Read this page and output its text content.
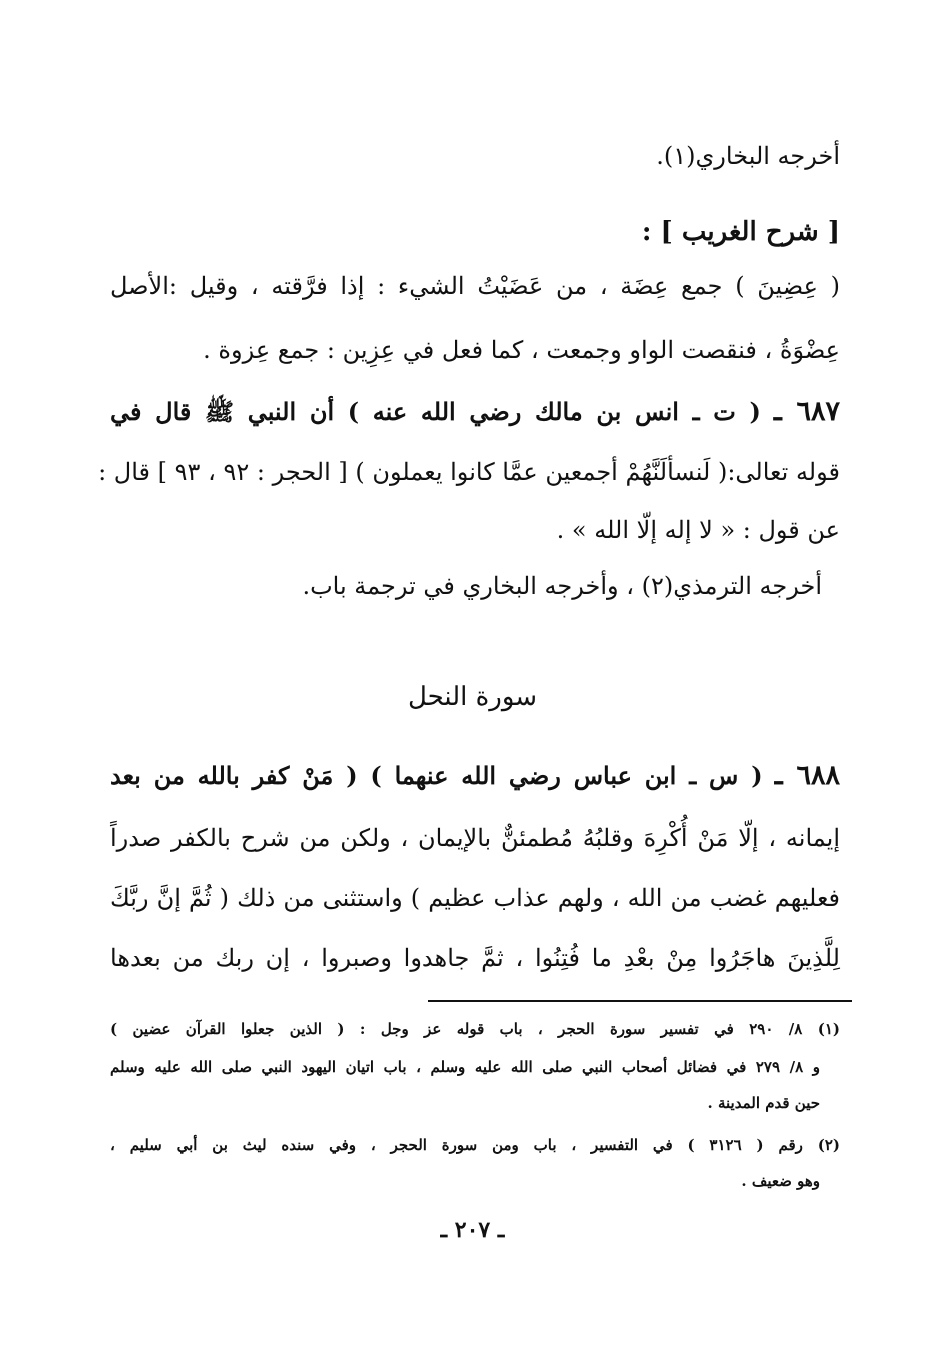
أخرجه البخاري(١).
[ شرح الغريب ] :
( عِضِينَ ) جمع عِضَة ، من عَضَيْتُ الشيء : إذا فرَّقته ، وقيل :الأصل
عِضْوَةُ ، فنقصت الواو وجمعت ، كما فعل في عِزِين : جمع عِزوة .
٦٨٧ ـ ( ت ـ انس بن مالك رضي الله عنه ) أن النبي ﷺ قال في
قوله تعالى:( لَنسألَنَّهُمْ أجمعين عمَّا كانوا يعملون ) [ الحجر : ٩٢ ، ٩٣ ] قال :
عن قول : « لا إله إلّا الله » .
أخرجه الترمذي(٢) ، وأخرجه البخاري في ترجمة باب.
سورة النحل
٦٨٨ ـ ( س ـ ابن عباس رضي الله عنهما ) ( مَنْ كفر بالله من بعد
إيمانه ، إلّا مَنْ أُكْرِهَ وقلبُهُ مُطمئنٌّ بالإيمان ، ولكن من شرح بالكفر صدراً
فعليهم غضب من الله ، ولهم عذاب عظيم ) واستثنى من ذلك ( ثُمَّ إنَّ ربَّكَ
لِلَّذِينَ هاجَرُوا مِنْ بعْدِ ما فُتِنُوا ، ثمَّ جاهدوا وصبروا ، إن ربك من بعدها
(١) ٨/ ٢٩٠ في تفسير سورة الحجر ، باب قوله عز وجل : ( الذين جعلوا القرآن عضين )
و ٨/ ٢٧٩ في فضائل أصحاب النبي صلى الله عليه وسلم ، باب اتيان اليهود النبي صلى الله عليه وسلم
حين قدم المدينة .
(٢) رقم ( ٣١٢٦ ) في التفسير ، باب ومن سورة الحجر ، وفي سنده ليث بن أبي سليم ،
وهو ضعيف .
ـ ٢٠٧ ـ
